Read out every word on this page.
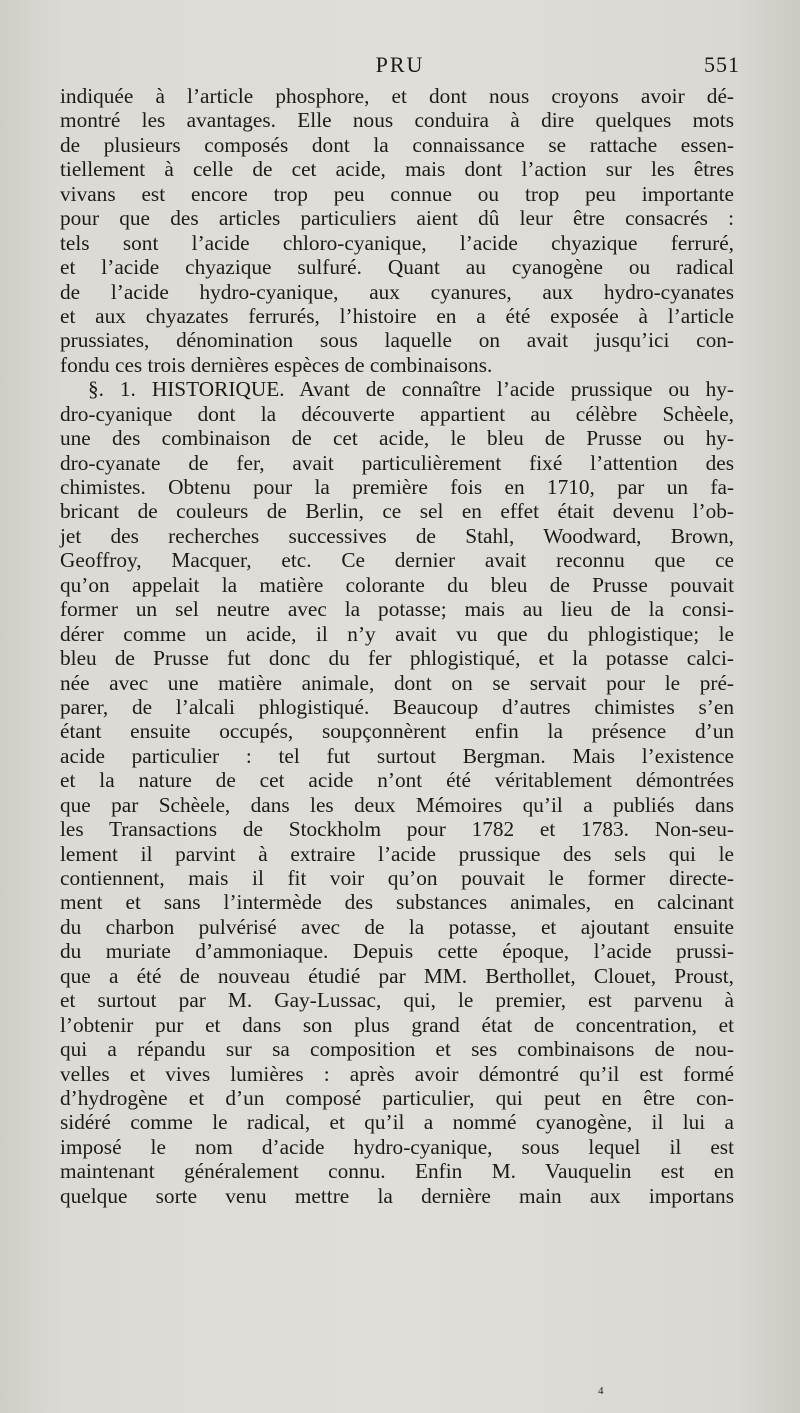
PRU	551
indiquée à l’article phosphore, et dont nous croyons avoir dé-
montré les avantages. Elle nous conduira à dire quelques mots
de plusieurs composés dont la connaissance se rattache essen-
tiellement à celle de cet acide, mais dont l’action sur les êtres
vivans est encore trop peu connue ou trop peu importante
pour que des articles particuliers aient dû leur être consacrés :
tels sont l’acide chloro-cyanique, l’acide chyazique ferruré,
et l’acide chyazique sulfuré. Quant au cyanogène ou radical
de l’acide hydro-cyanique, aux cyanures, aux hydro-cyanates
et aux chyazates ferrurés, l’histoire en a été exposée à l’article
prussiates, dénomination sous laquelle on avait jusqu’ici con-
fondu ces trois dernières espèces de combinaisons.
§. 1. HISTORIQUE. Avant de connaître l’acide prussique ou hy-
dro-cyanique dont la découverte appartient au célèbre Schèele,
une des combinaison de cet acide, le bleu de Prusse ou hy-
dro-cyanate de fer, avait particulièrement fixé l’attention des
chimistes. Obtenu pour la première fois en 1710, par un fa-
bricant de couleurs de Berlin, ce sel en effet était devenu l’ob-
jet des recherches successives de Stahl, Woodward, Brown,
Geoffroy, Macquer, etc. Ce dernier avait reconnu que ce
qu’on appelait la matière colorante du bleu de Prusse pouvait
former un sel neutre avec la potasse; mais au lieu de la consi-
dérer comme un acide, il n’y avait vu que du phlogistique; le
bleu de Prusse fut donc du fer phlogistiqué, et la potasse calci-
née avec une matière animale, dont on se servait pour le pré-
parer, de l’alcali phlogistiqué. Beaucoup d’autres chimistes s’en
étant ensuite occupés, soupçonnèrent enfin la présence d’un
acide particulier : tel fut surtout Bergman. Mais l’existence
et la nature de cet acide n’ont été véritablement démontrées
que par Schèele, dans les deux Mémoires qu’il a publiés dans
les Transactions de Stockholm pour 1782 et 1783. Non-seu-
lement il parvint à extraire l’acide prussique des sels qui le
contiennent, mais il fit voir qu’on pouvait le former directe-
ment et sans l’intermède des substances animales, en calcinant
du charbon pulvérisé avec de la potasse, et ajoutant ensuite
du muriate d’ammoniaque. Depuis cette époque, l’acide prussi-
que a été de nouveau étudié par MM. Berthollet, Clouet, Proust,
et surtout par M. Gay-Lussac, qui, le premier, est parvenu à
l’obtenir pur et dans son plus grand état de concentration, et
qui a répandu sur sa composition et ses combinaisons de nou-
velles et vives lumières : après avoir démontré qu’il est formé
d’hydrogène et d’un composé particulier, qui peut en être con-
sidéré comme le radical, et qu’il a nommé cyanogène, il lui a
imposé le nom d’acide hydro-cyanique, sous lequel il est
maintenant généralement connu. Enfin M. Vauquelin est en
quelque sorte venu mettre la dernière main aux importans
4
